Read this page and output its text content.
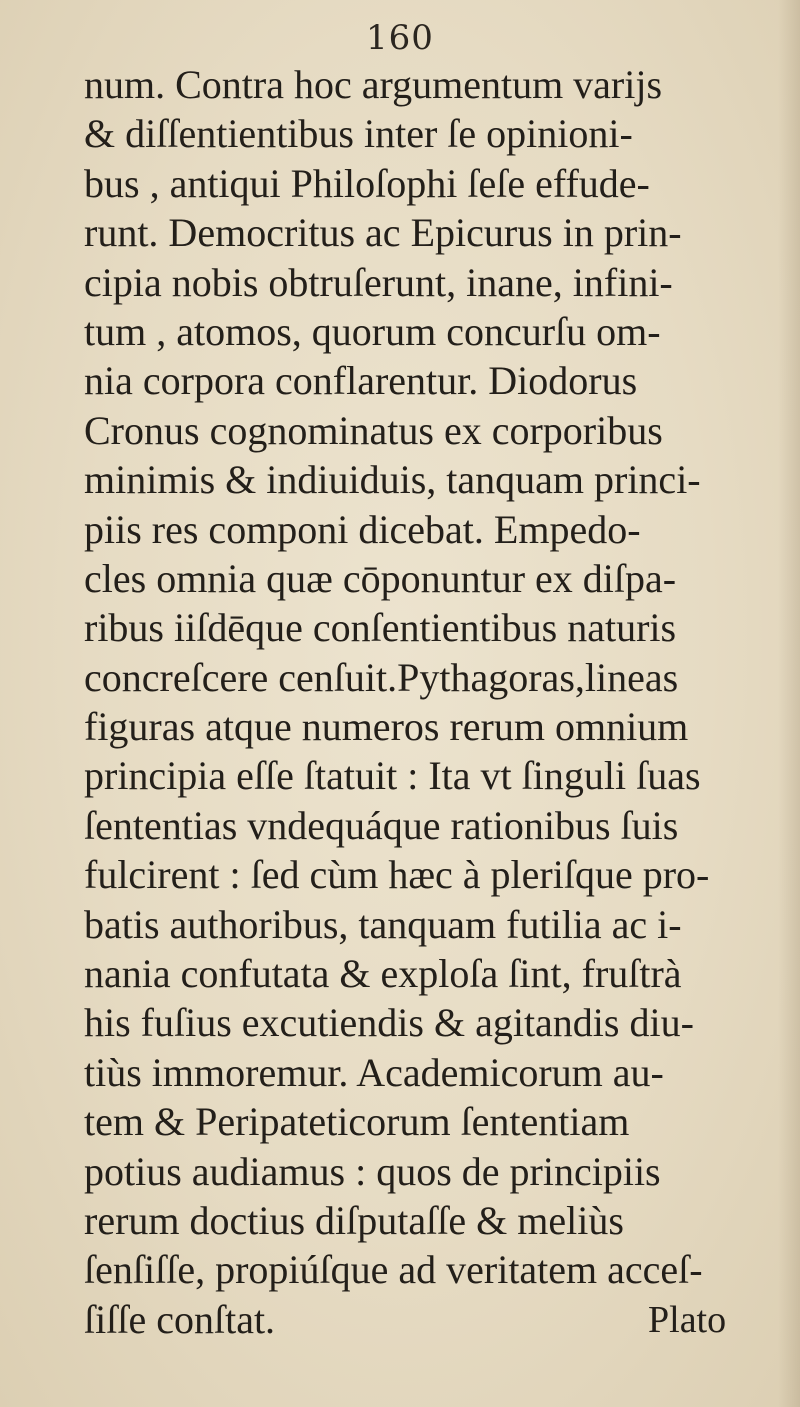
160
num. Contra hoc argumentum varijs
& diſſentientibus inter ſe opinioni-
bus , antiqui Philoſophi ſeſe effude-
runt. Democritus ac Epicurus in prin-
cipia nobis obtruſerunt, inane, infini-
tum , atomos, quorum concurſu om-
nia corpora conflarentur. Diodorus
Cronus cognominatus ex corporibus
minimis & indiuiduis, tanquam princi-
piis res componi dicebat. Empedo-
cles omnia quæ cōponuntur ex diſpa-
ribus iiſdēque conſentientibus naturis
concreſcere cenſuit.Pythagoras,lineas
figuras atque numeros rerum omnium
principia eſſe ſtatuit : Ita vt ſinguli ſuas
ſententias vndequáque rationibus ſuis
fulcirent : ſed cùm hæc à pleriſque pro-
batis authoribus, tanquam futilia ac i-
nania confutata & exploſa ſint, fruſtrà
his fuſius excutiendis & agitandis diu-
tiùs immoremur. Academicorum au-
tem & Peripateticorum ſententiam
potius audiamus : quos de principiis
rerum doctius diſputaſſe & meliùs
ſenſiſſe, propiúſque ad veritatem acceſ-
ſiſſe conſtat.	Plato
